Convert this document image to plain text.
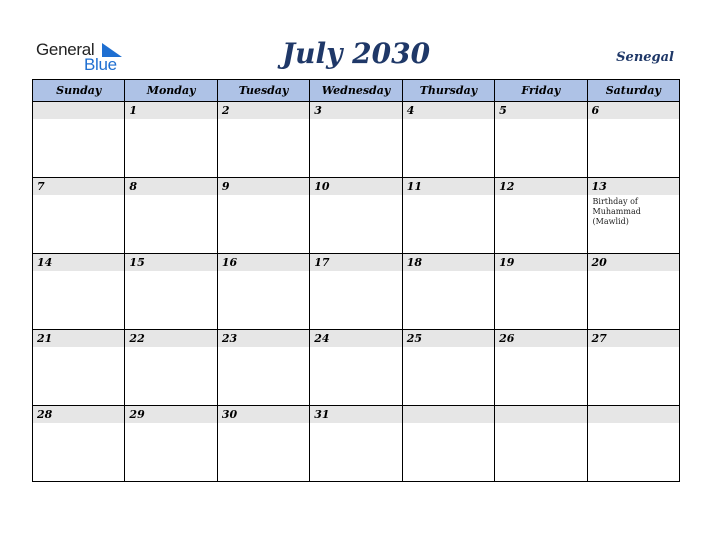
General
Blue	July 2030	Senegal
Sunday	Monday	Tuesday	Wednesday	Thursday	Friday	Saturday

	1	2	3	4	5	6

7	8	9	10	11	12	13
Birthday of Muhammad (Mawlid)

14	15	16	17	18	19	20

21	22	23	24	25	26	27

28	29	30	31			
